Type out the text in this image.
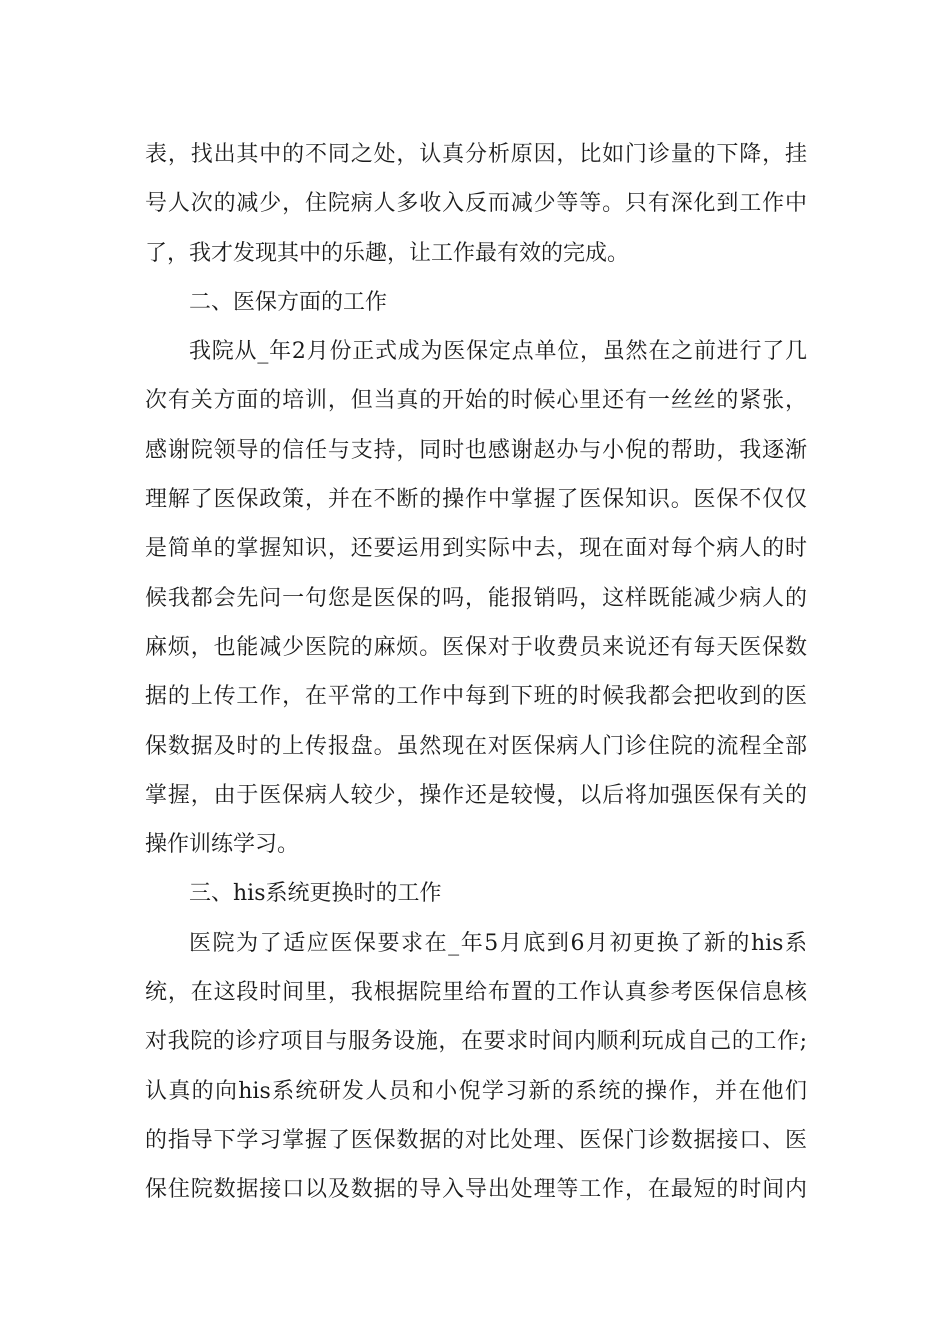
表，找出其中的不同之处，认真分析原因，比如门诊量的下降，挂
号人次的减少，住院病人多收入反而减少等等。只有深化到工作中
了，我才发现其中的乐趣，让工作最有效的完成。
二、医保方面的工作
我院从_年2月份正式成为医保定点单位，虽然在之前进行了几
次有关方面的培训，但当真的开始的时候心里还有一丝丝的紧张，
感谢院领导的信任与支持，同时也感谢赵办与小倪的帮助，我逐渐
理解了医保政策，并在不断的操作中掌握了医保知识。医保不仅仅
是简单的掌握知识，还要运用到实际中去，现在面对每个病人的时
候我都会先问一句您是医保的吗，能报销吗，这样既能减少病人的
麻烦，也能减少医院的麻烦。医保对于收费员来说还有每天医保数
据的上传工作，在平常的工作中每到下班的时候我都会把收到的医
保数据及时的上传报盘。虽然现在对医保病人门诊住院的流程全部
掌握，由于医保病人较少，操作还是较慢，以后将加强医保有关的
操作训练学习。
三、his系统更换时的工作
医院为了适应医保要求在_年5月底到6月初更换了新的his系
统，在这段时间里，我根据院里给布置的工作认真参考医保信息核
对我院的诊疗项目与服务设施，在要求时间内顺利玩成自己的工作;
认真的向his系统研发人员和小倪学习新的系统的操作，并在他们
的指导下学习掌握了医保数据的对比处理、医保门诊数据接口、医
保住院数据接口以及数据的导入导出处理等工作，在最短的时间内
